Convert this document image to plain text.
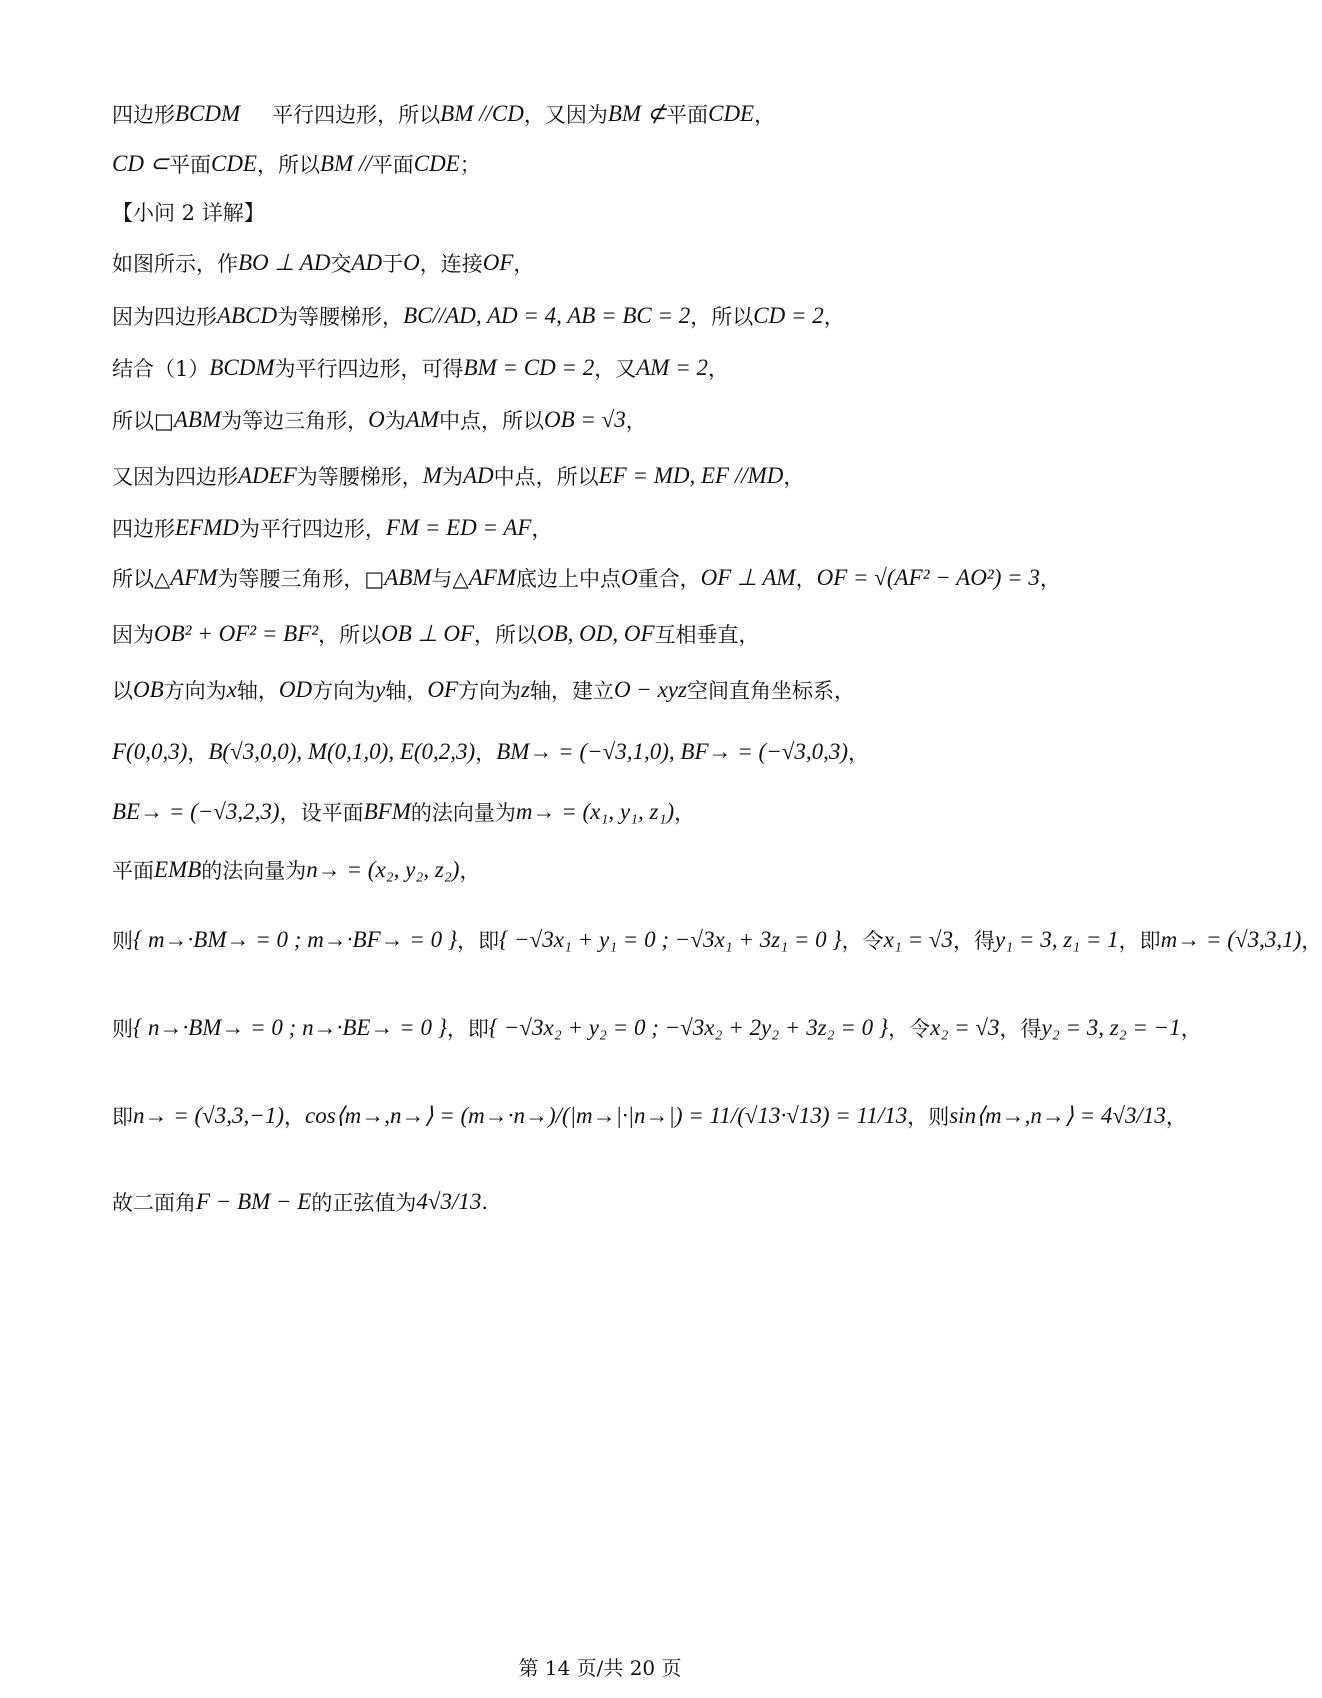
四边形 BCDM 平行四边形，所以 BM //CD ，又因为 BM ⊄ 平面 CDE ，
CD ⊂ 平面 CDE ，所以 BM // 平面 CDE ；
【小问 2 详解】
如图所示，作 BO ⊥ AD 交 AD 于 O ，连接 OF ，
因为四边形 ABCD 为等腰梯形， BC//AD, AD = 4, AB = BC = 2 ，所以 CD = 2 ，
结合（1） BCDM 为平行四边形，可得 BM = CD = 2 ，又 AM = 2 ，
所以□ ABM 为等边三角形， O 为 AM 中点，所以 OB = √3 ，
又因为四边形 ADEF 为等腰梯形， M 为 AD 中点，所以 EF = MD, EF //MD ，
四边形 EFMD 为平行四边形， FM = ED = AF ，
所以△ AFM 为等腰三角形，□ ABM 与△ AFM 底边上中点 O 重合， OF ⊥ AM ， OF = √(AF² − AO²) = 3 ，
因为 OB² + OF² = BF² ，所以 OB ⊥ OF ，所以 OB, OD, OF 互相垂直，
以 OB 方向为 x 轴， OD 方向为 y 轴， OF 方向为 z 轴，建立 O − xyz 空间直角坐标系，
F(0,0,3) ， B(√3,0,0), M(0,1,0), E(0,2,3) ， BM→ = (−√3,1,0), BF→ = (−√3,0,3) ，
BE→ = (−√3,2,3) ，设平面 BFM 的法向量为 m→ = (x₁, y₁, z₁) ，
平面 EMB 的法向量为 n→ = (x₂, y₂, z₂) ，
则 { m→·BM→ = 0 ; m→·BF→ = 0 } ，即 { −√3x₁ + y₁ = 0 ; −√3x₁ + 3z₁ = 0 } ，令 x₁ = √3 ，得 y₁ = 3, z₁ = 1 ，即 m→ = (√3,3,1) ，
则 { n→·BM→ = 0 ; n→·BE→ = 0 } ，即 { −√3x₂ + y₂ = 0 ; −√3x₂ + 2y₂ + 3z₂ = 0 } ，令 x₂ = √3 ，得 y₂ = 3, z₂ = −1 ，
即 n→ = (√3,3,−1) ， cos⟨m→,n→⟩ = (m→·n→)/(|m→|·|n→|) = 11/(√13·√13) = 11/13 ，则 sin⟨m→,n→⟩ = 4√3/13 ，
故二面角 F − BM − E 的正弦值为 4√3/13 .
第 14 页/共 20 页
